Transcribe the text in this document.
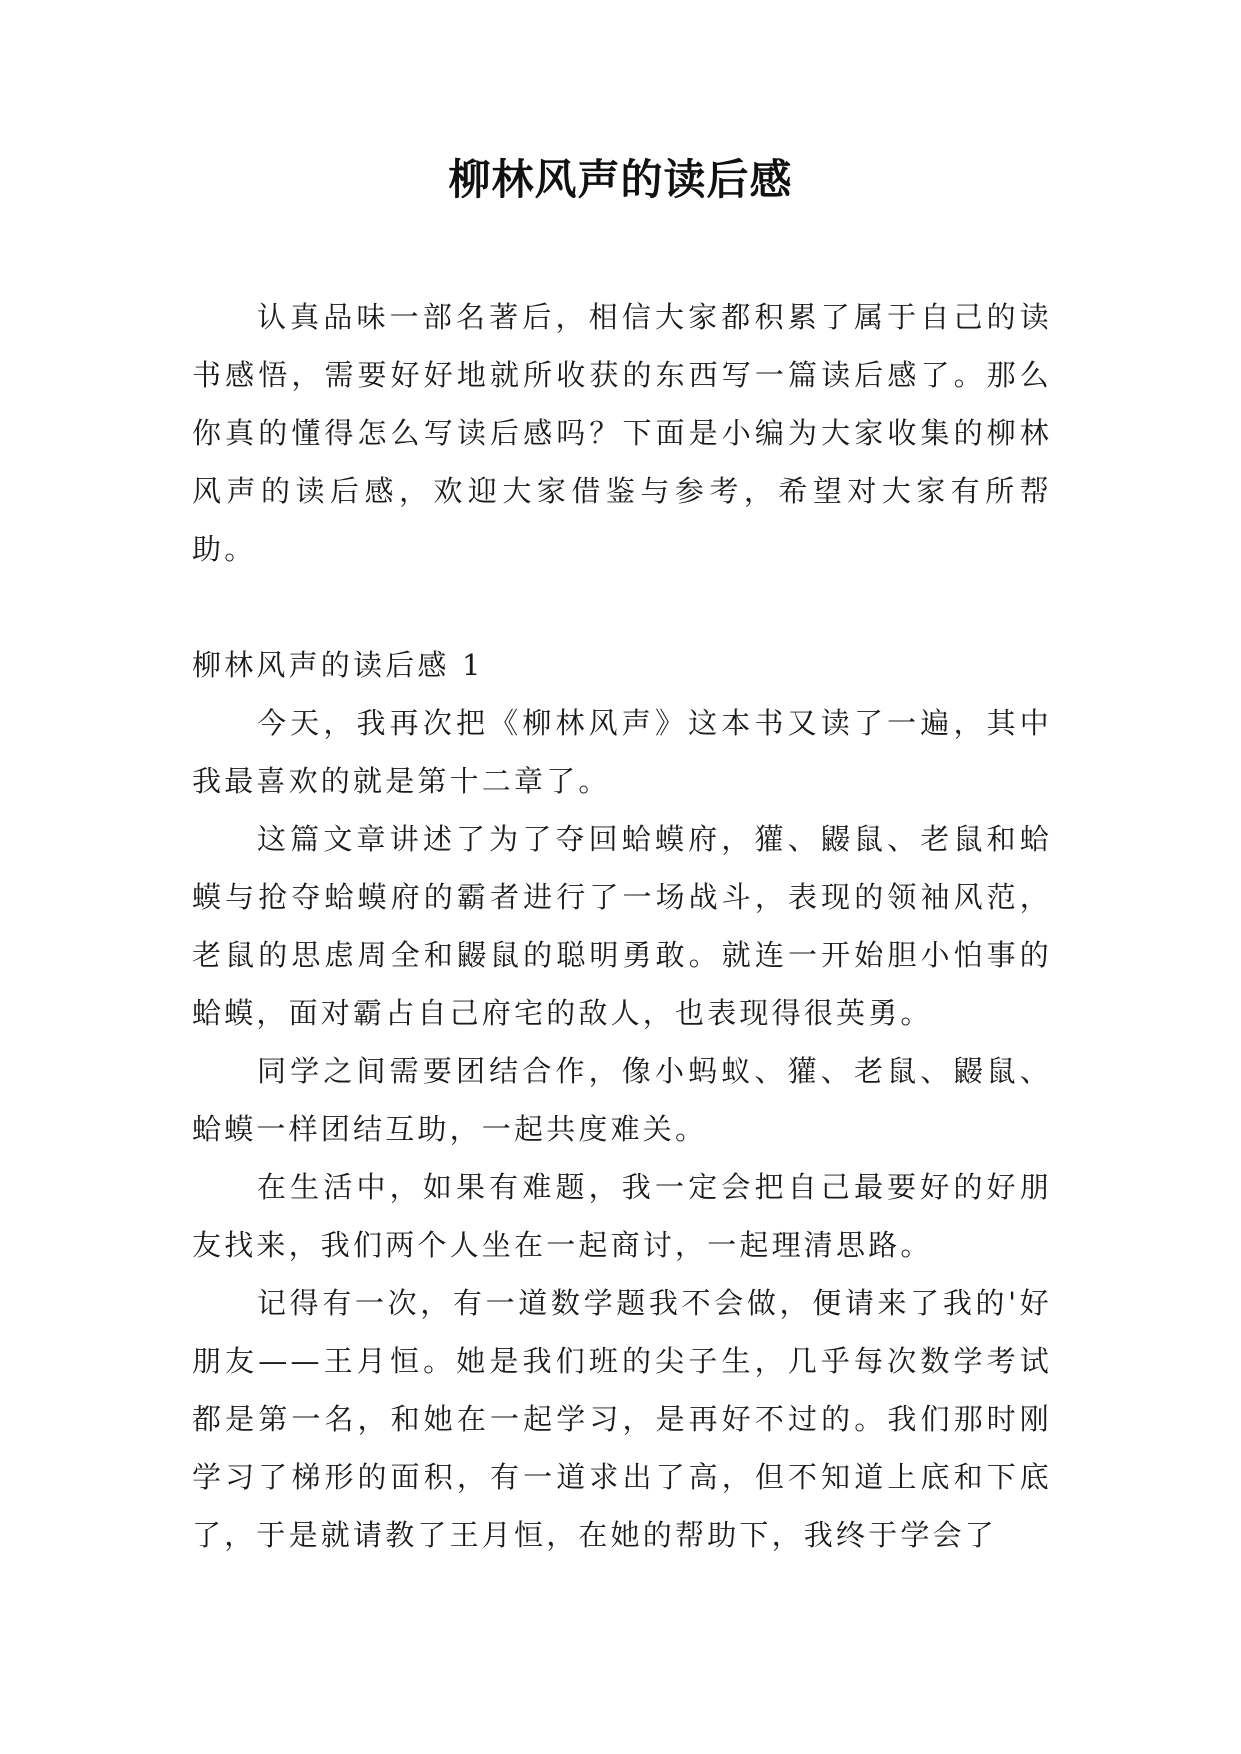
柳林风声的读后感

认真品味一部名著后，相信大家都积累了属于自己的读书感悟，需要好好地就所收获的东西写一篇读后感了。那么你真的懂得怎么写读后感吗？下面是小编为大家收集的柳林风声的读后感，欢迎大家借鉴与参考，希望对大家有所帮助。

柳林风声的读后感 1

今天，我再次把《柳林风声》这本书又读了一遍，其中我最喜欢的就是第十二章了。

这篇文章讲述了为了夺回蛤蟆府，獾、鼹鼠、老鼠和蛤蟆与抢夺蛤蟆府的霸者进行了一场战斗，表现的领袖风范，老鼠的思虑周全和鼹鼠的聪明勇敢。就连一开始胆小怕事的蛤蟆，面对霸占自己府宅的敌人，也表现得很英勇。

同学之间需要团结合作，像小蚂蚁、獾、老鼠、鼹鼠、蛤蟆一样团结互助，一起共度难关。

在生活中，如果有难题，我一定会把自己最要好的好朋友找来，我们两个人坐在一起商讨，一起理清思路。

记得有一次，有一道数学题我不会做，便请来了我的'好朋友——王月恒。她是我们班的尖子生，几乎每次数学考试都是第一名，和她在一起学习，是再好不过的。我们那时刚学习了梯形的面积，有一道求出了高，但不知道上底和下底了，于是就请教了王月恒，在她的帮助下，我终于学会了
